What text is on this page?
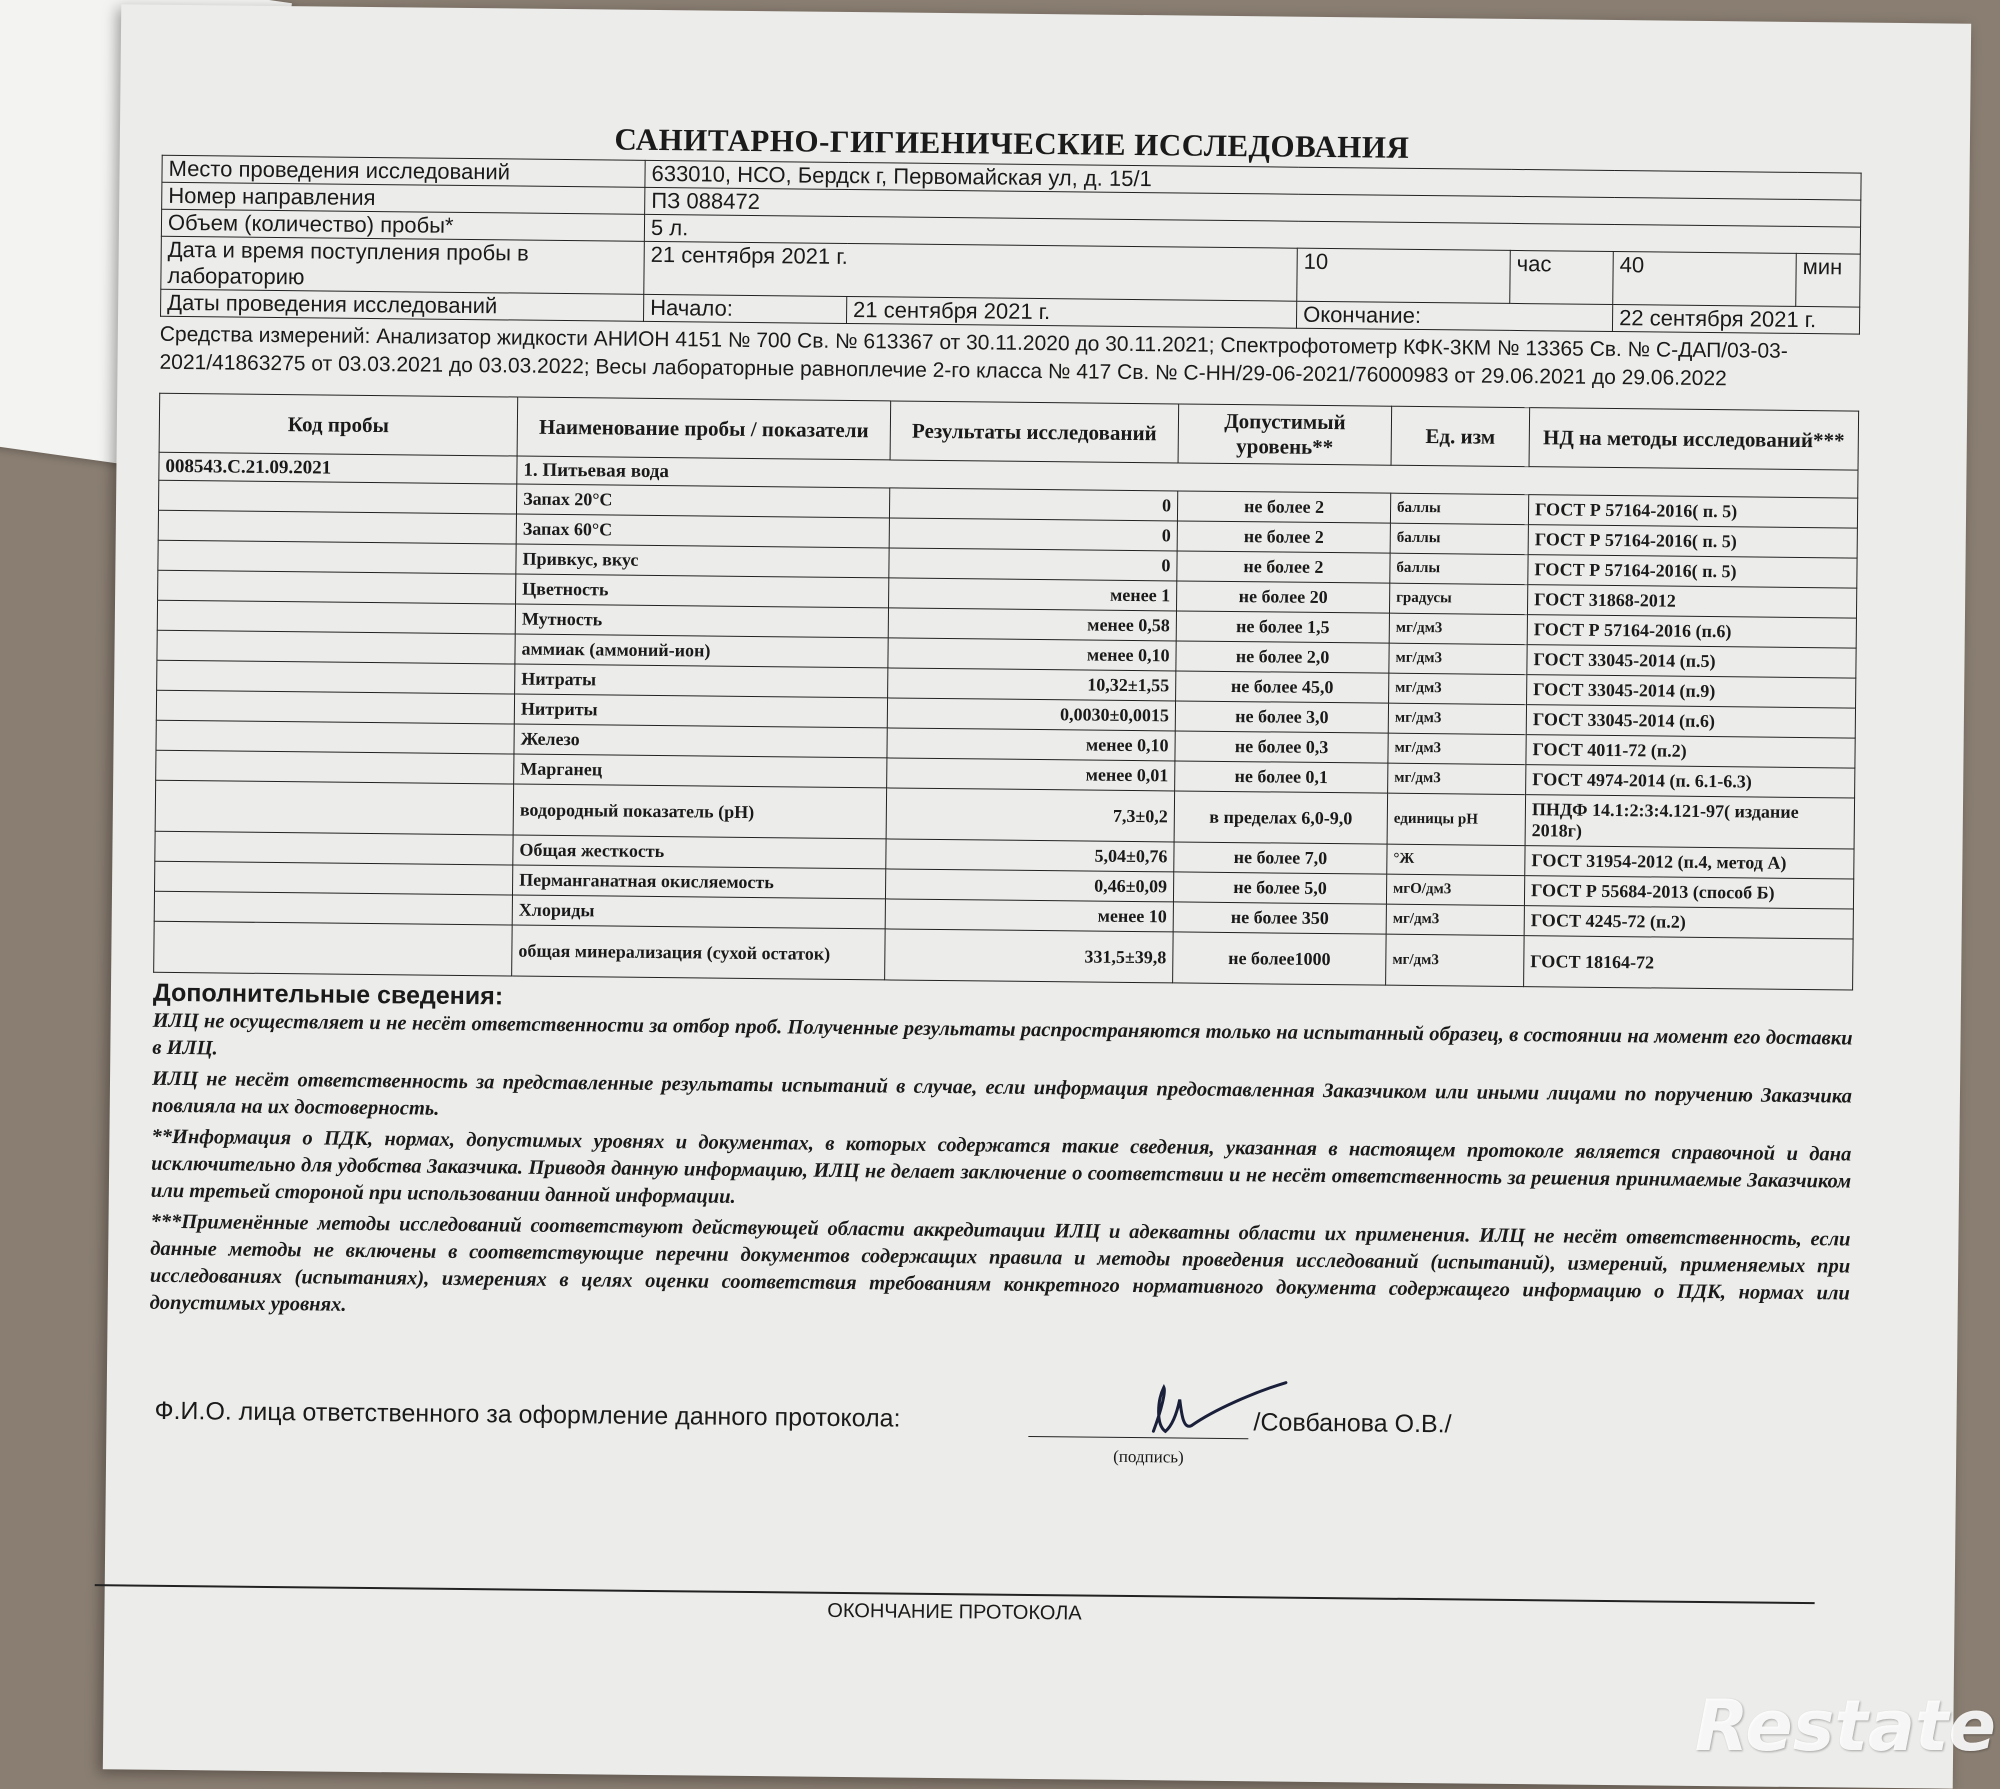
САНИТАРНО-ГИГИЕНИЧЕСКИЕ ИССЛЕДОВАНИЯ
Место проведения исследований	633010, НСО, Бердск г, Первомайская ул, д. 15/1					
Номер направления	ПЗ 088472					
Объем (количество) пробы*	5 л.					
Дата и время поступления пробы в лабораторию	21 сентября 2021 г.		10	час	40	мин
Даты проведения исследований	Начало:	21 сентября 2021 г.	Окончание:		22 сентября 2021 г.	
Средства измерений: Анализатор жидкости АНИОН 4151 № 700 Св. № 613367 от 30.11.2020 до 30.11.2021; Спектрофотометр КФК-3КМ № 13365 Св. № С-ДАП/03-03-2021/41863275 от 03.03.2021 до 03.03.2022; Весы лабораторные равноплечие 2-го класса № 417 Св. № С-НН/29-06-2021/76000983 от 29.06.2021 до 29.06.2022
Код пробы	Наименование пробы / показатели	Результаты исследований	Допустимый уровень**	Ед. изм	НД на методы исследований***
008543.С.21.09.2021	1. Питьевая вода				
	Запах 20°С	0	не более 2	баллы	ГОСТ Р 57164-2016( п. 5)
	Запах 60°С	0	не более 2	баллы	ГОСТ Р 57164-2016( п. 5)
	Привкус, вкус	0	не более 2	баллы	ГОСТ Р 57164-2016( п. 5)
	Цветность	менее 1	не более 20	градусы	ГОСТ 31868-2012
	Мутность	менее 0,58	не более 1,5	мг/дм3	ГОСТ Р 57164-2016 (п.6)
	аммиак (аммоний-ион)	менее 0,10	не более 2,0	мг/дм3	ГОСТ 33045-2014 (п.5)
	Нитраты	10,32±1,55	не более 45,0	мг/дм3	ГОСТ 33045-2014 (п.9)
	Нитриты	0,0030±0,0015	не более 3,0	мг/дм3	ГОСТ 33045-2014 (п.6)
	Железо	менее 0,10	не более 0,3	мг/дм3	ГОСТ 4011-72 (п.2)
	Марганец	менее 0,01	не более 0,1	мг/дм3	ГОСТ 4974-2014 (п. 6.1-6.3)
	водородный показатель (рН)	7,3±0,2	в пределах 6,0-9,0	единицы рН	ПНДФ 14.1:2:3:4.121-97( издание 2018г)
	Общая жесткость	5,04±0,76	не более 7,0	°Ж	ГОСТ 31954-2012 (п.4, метод А)
	Перманганатная окисляемость	0,46±0,09	не более 5,0	мгО/дм3	ГОСТ Р 55684-2013 (способ Б)
	Хлориды	менее 10	не более 350	мг/дм3	ГОСТ 4245-72 (п.2)
	общая минерализация (сухой остаток)	331,5±39,8	не более1000	мг/дм3	ГОСТ 18164-72
Дополнительные сведения:

ИЛЦ не осуществляет и не несёт ответственности за отбор проб. Полученные результаты распространяются только на испытанный образец, в состоянии на момент его доставки в ИЛЦ.

ИЛЦ не несёт ответственность за представленные результаты испытаний в случае, если информация предоставленная Заказчиком или иными лицами по поручению Заказчика повлияла на их достоверность.

**Информация о ПДК, нормах, допустимых уровнях и документах, в которых содержатся такие сведения, указанная в настоящем протоколе является справочной и дана исключительно для удобства Заказчика. Приводя данную информацию, ИЛЦ не делает заключение о соответствии и не несёт ответственность за решения принимаемые Заказчиком или третьей стороной при использовании данной информации.

***Применённые методы исследований соответствуют действующей области аккредитации ИЛЦ и адекватны области их применения. ИЛЦ не несёт ответственность, если данные методы не включены в соответствующие перечни документов содержащих правила и методы проведения исследований (испытаний), измерений, применяемых при исследованиях (испытаниях), измерениях в целях оценки соответствия требованиям конкретного нормативного документа содержащего информацию о ПДК, нормах или допустимых уровнях.

Ф.И.О. лица ответственного за оформление данного протокола:	/Совбанова О.В./
(подпись)
ОКОНЧАНИЕ ПРОТОКОЛА
Restate
